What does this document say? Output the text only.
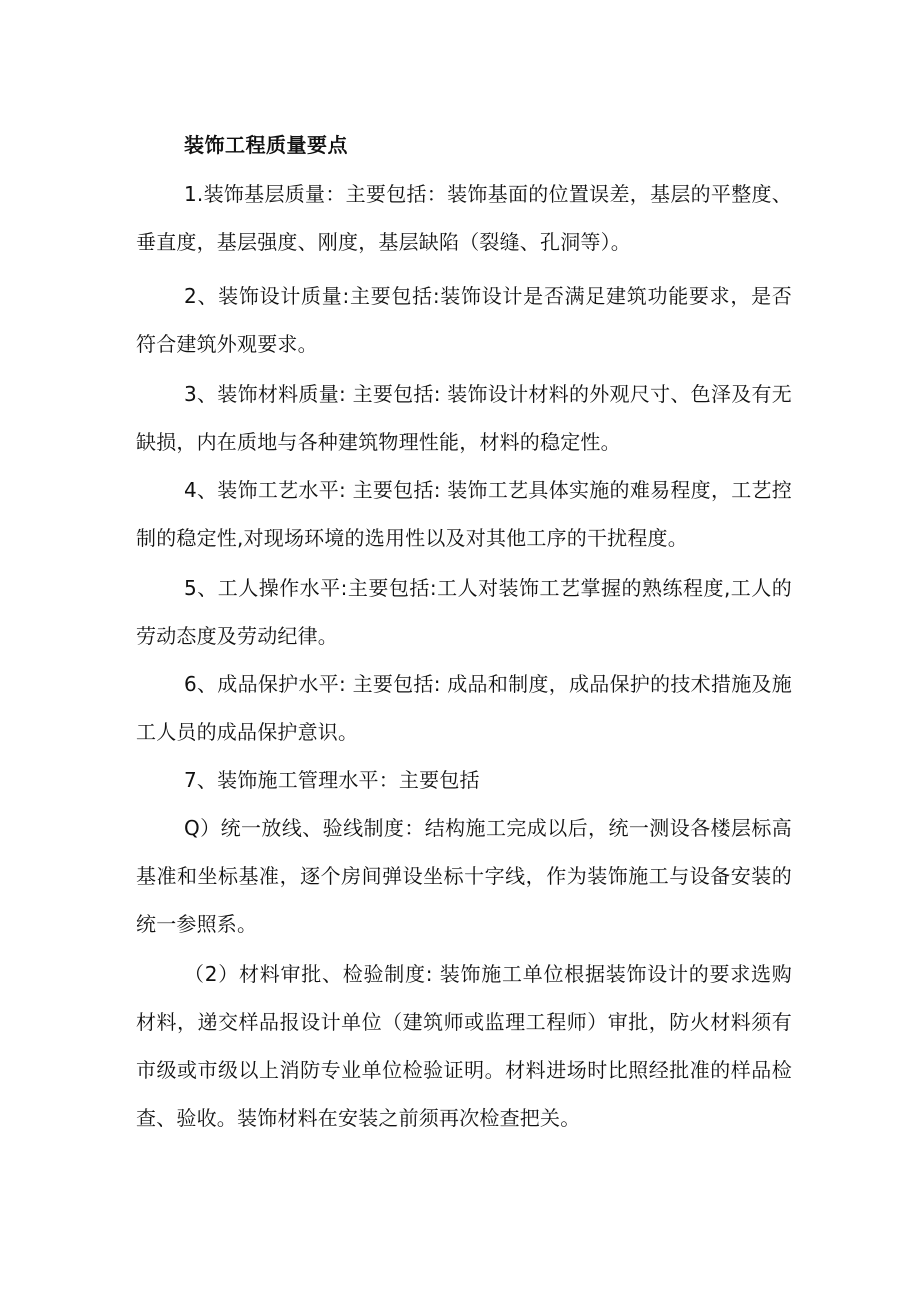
装饰工程质量要点
1.装饰基层质量：主要包括：装饰基面的位置误差，基层的平整度、垂直度，基层强度、刚度，基层缺陷（裂缝、孔洞等）。
2、装饰设计质量:主要包括:装饰设计是否满足建筑功能要求，是否符合建筑外观要求。
3、装饰材料质量: 主要包括: 装饰设计材料的外观尺寸、色泽及有无缺损，内在质地与各种建筑物理性能，材料的稳定性。
4、装饰工艺水平: 主要包括: 装饰工艺具体实施的难易程度，工艺控制的稳定性,对现场环境的选用性以及对其他工序的干扰程度。
5、工人操作水平:主要包括:工人对装饰工艺掌握的熟练程度,工人的劳动态度及劳动纪律。
6、成品保护水平: 主要包括: 成品和制度，成品保护的技术措施及施工人员的成品保护意识。
7、装饰施工管理水平：主要包括
Q）统一放线、验线制度：结构施工完成以后，统一测设各楼层标高基准和坐标基准，逐个房间弹设坐标十字线，作为装饰施工与设备安装的统一参照系。
（2）材料审批、检验制度: 装饰施工单位根据装饰设计的要求选购材料，递交样品报设计单位（建筑师或监理工程师）审批，防火材料须有市级或市级以上消防专业单位检验证明。材料进场时比照经批准的样品检查、验收。装饰材料在安装之前须再次检查把关。
